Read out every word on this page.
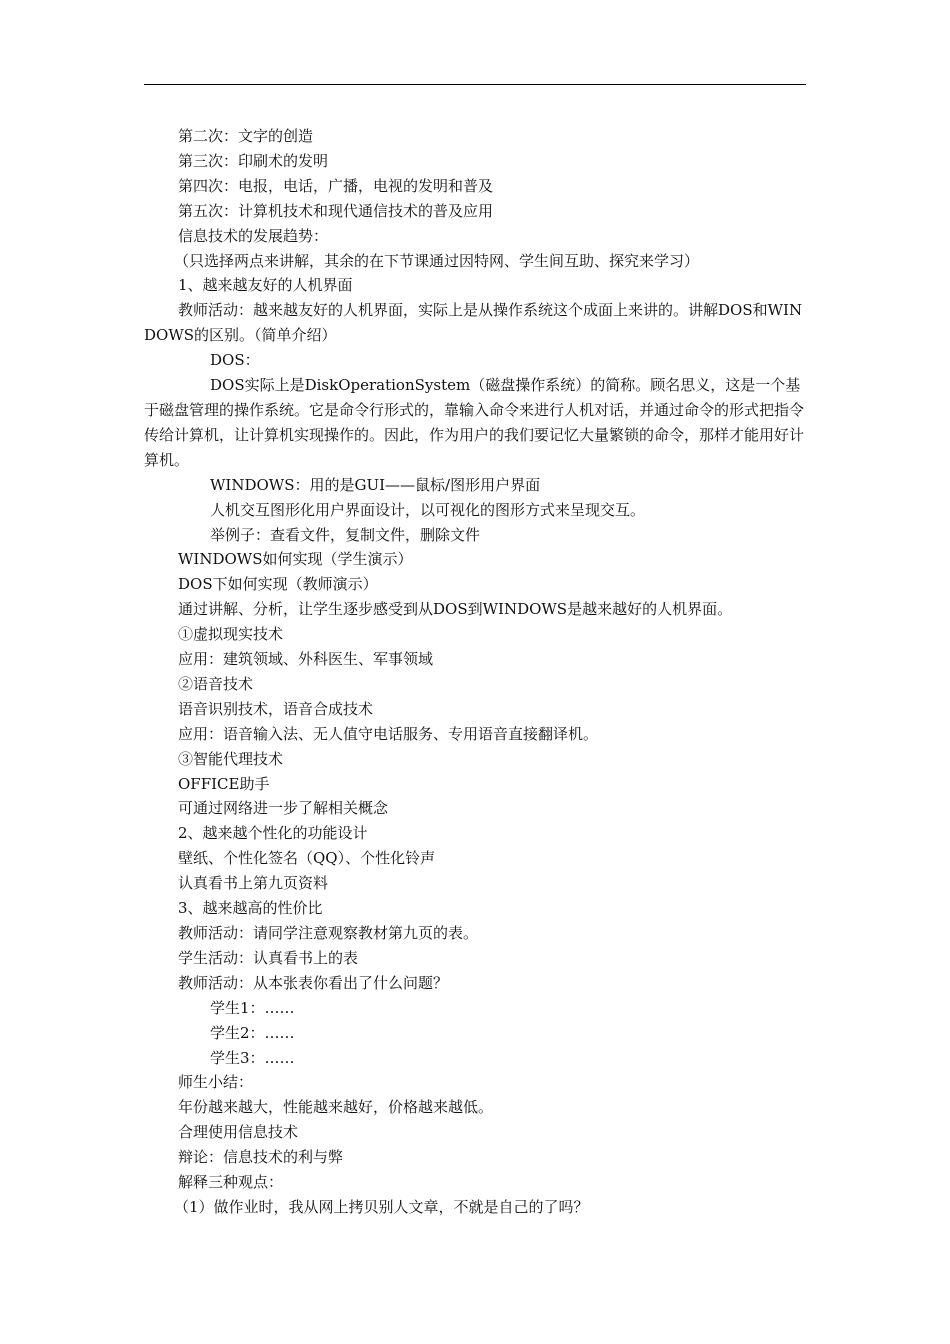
第二次：文字的创造

第三次：印刷术的发明

第四次：电报，电话，广播，电视的发明和普及

第五次：计算机技术和现代通信技术的普及应用

信息技术的发展趋势：

（只选择两点来讲解，其余的在下节课通过因特网、学生间互助、探究来学习）

1、越来越友好的人机界面

教师活动：越来越友好的人机界面，实际上是从操作系统这个成面上来讲的。讲解DOS和WINDOWS的区别。（简单介绍）

DOS：

DOS实际上是DiskOperationSystem（磁盘操作系统）的简称。顾名思义，这是一个基于磁盘管理的操作系统。它是命令行形式的，靠输入命令来进行人机对话，并通过命令的形式把指令传给计算机，让计算机实现操作的。因此，作为用户的我们要记忆大量繁锁的命令，那样才能用好计算机。

WINDOWS：用的是GUI——鼠标/图形用户界面

人机交互图形化用户界面设计，以可视化的图形方式来呈现交互。

举例子：查看文件，复制文件，删除文件

WINDOWS如何实现（学生演示）

DOS下如何实现（教师演示）

通过讲解、分析，让学生逐步感受到从DOS到WINDOWS是越来越好的人机界面。

①虚拟现实技术

应用：建筑领域、外科医生、军事领域

②语音技术

语音识别技术，语音合成技术

应用：语音输入法、无人值守电话服务、专用语音直接翻译机。

③智能代理技术

OFFICE助手

可通过网络进一步了解相关概念

2、越来越个性化的功能设计

壁纸、个性化签名（QQ）、个性化铃声

认真看书上第九页资料

3、越来越高的性价比

教师活动：请同学注意观察教材第九页的表。

学生活动：认真看书上的表

教师活动：从本张表你看出了什么问题？

学生1：……

学生2：……

学生3：……

师生小结：

年份越来越大，性能越来越好，价格越来越低。

合理使用信息技术

辩论：信息技术的利与弊

解释三种观点：

（1）做作业时，我从网上拷贝别人文章，不就是自己的了吗？
